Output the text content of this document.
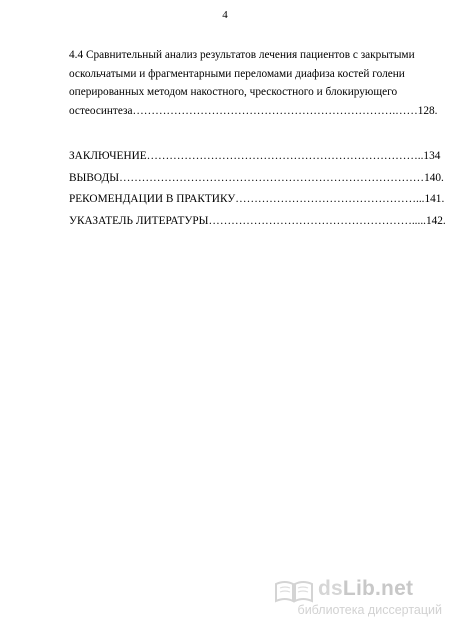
4
4.4 Сравнительный анализ результатов лечения пациентов с закрытыми
оскольчатыми и фрагментарными переломами диафиза костей голени
оперированных методом накостного, чрескостного и блокирующего
остеосинтеза…………………………………………………………….……128.
ЗАКЛЮЧЕНИЕ………………………………………………………………..134
ВЫВОДЫ………………………………………………………………………140.
РЕКОМЕНДАЦИИ В ПРАКТИКУ…………………………………………...141.
УКАЗАТЕЛЬ ЛИТЕРАТУРЫ……………………………………………….....142.
dsLib.net
библиотека диссертаций
